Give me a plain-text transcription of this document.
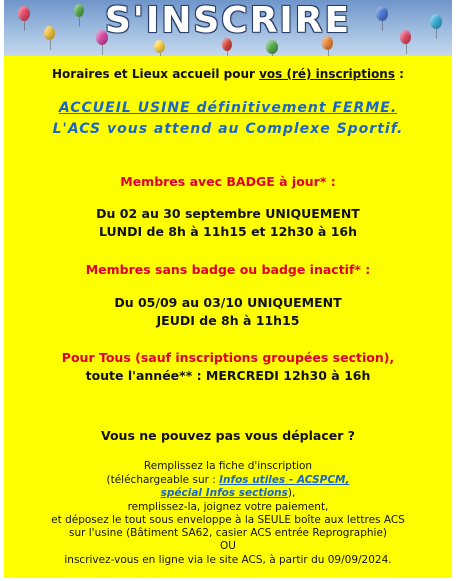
S'INSCRIRE
Horaires et Lieux accueil pour vos (ré) inscriptions :
ACCUEIL USINE définitivement FERME.
L'ACS vous attend au Complexe Sportif.
Membres avec BADGE à jour* :
Du 02 au 30 septembre UNIQUEMENT
LUNDI de 8h à 11h15 et 12h30 à 16h
Membres sans badge ou badge inactif* :
Du 05/09 au 03/10 UNIQUEMENT
JEUDI de 8h à 11h15
Pour Tous (sauf inscriptions groupées section),
toute l'année** : MERCREDI 12h30 à 16h
Vous ne pouvez pas vous déplacer ?
Remplissez la fiche d'inscription
(téléchargeable sur : Infos utiles - ACSPCM,
spécial Infos sections),
remplissez-la, joignez votre paiement,
et déposez le tout sous enveloppe à la SEULE boîte aux lettres ACS
sur l'usine (Bâtiment SA62, casier ACS entrée Reprographie)
OU
inscrivez-vous en ligne via le site ACS, à partir du 09/09/2024.
